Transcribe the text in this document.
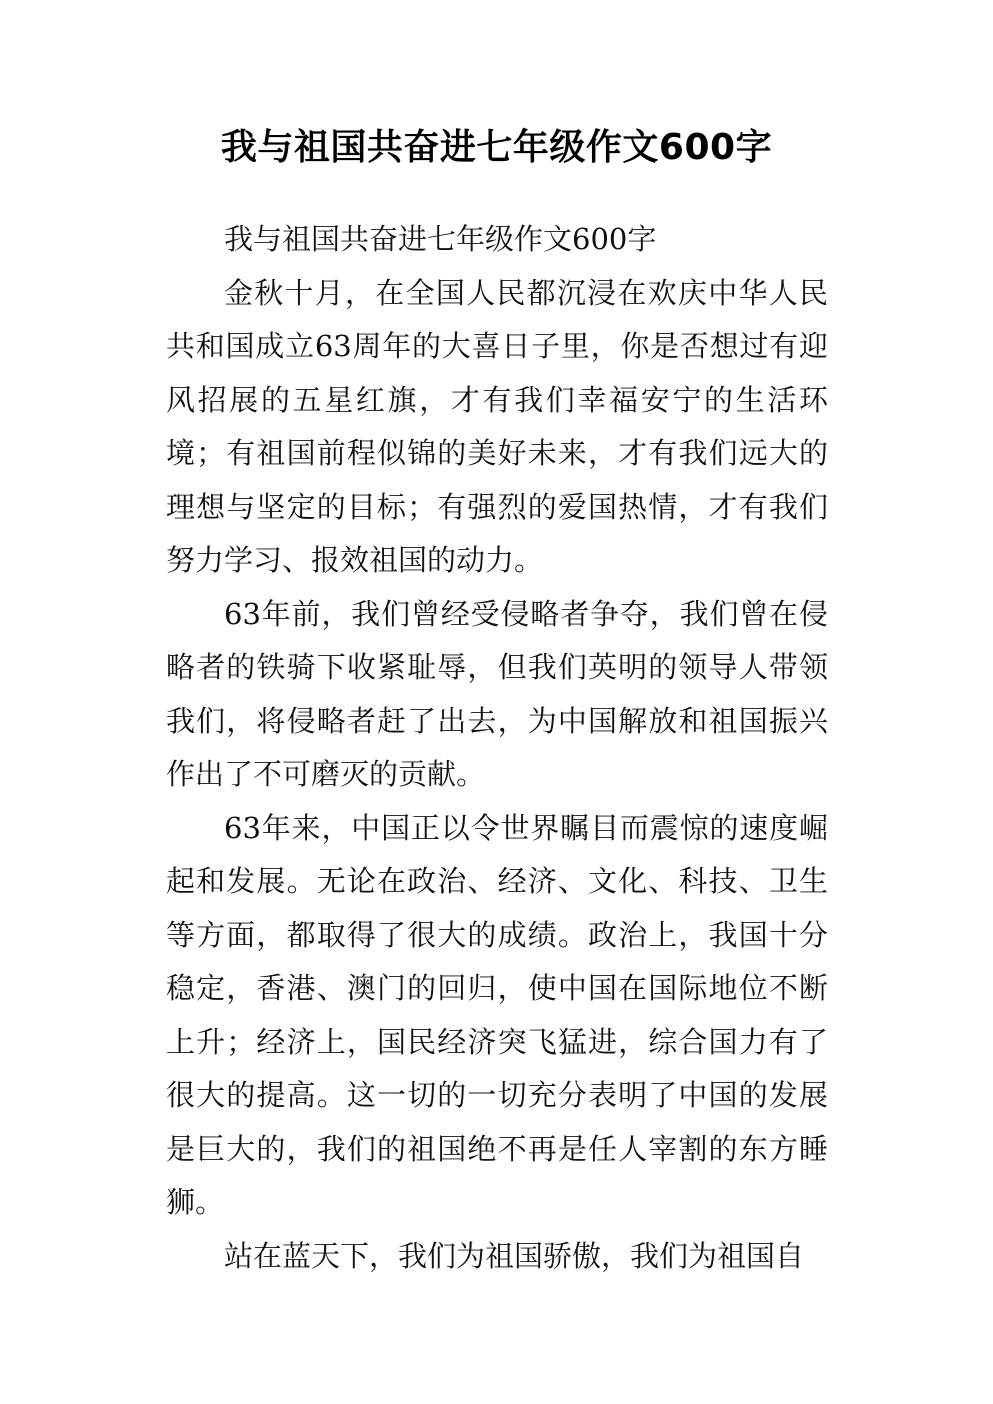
我与祖国共奋进七年级作文600字

我与祖国共奋进七年级作文600字

金秋十月，在全国人民都沉浸在欢庆中华人民共和国成立63周年的大喜日子里，你是否想过有迎风招展的五星红旗，才有我们幸福安宁的生活环境；有祖国前程似锦的美好未来，才有我们远大的理想与坚定的目标；有强烈的爱国热情，才有我们努力学习、报效祖国的动力。

63年前，我们曾经受侵略者争夺，我们曾在侵略者的铁骑下收紧耻辱，但我们英明的领导人带领我们，将侵略者赶了出去，为中国解放和祖国振兴作出了不可磨灭的贡献。

63年来，中国正以令世界瞩目而震惊的速度崛起和发展。无论在政治、经济、文化、科技、卫生等方面，都取得了很大的成绩。政治上，我国十分稳定，香港、澳门的回归，使中国在国际地位不断上升；经济上，国民经济突飞猛进，综合国力有了很大的提高。这一切的一切充分表明了中国的发展是巨大的，我们的祖国绝不再是任人宰割的东方睡狮。

站在蓝天下，我们为祖国骄傲，我们为祖国自
